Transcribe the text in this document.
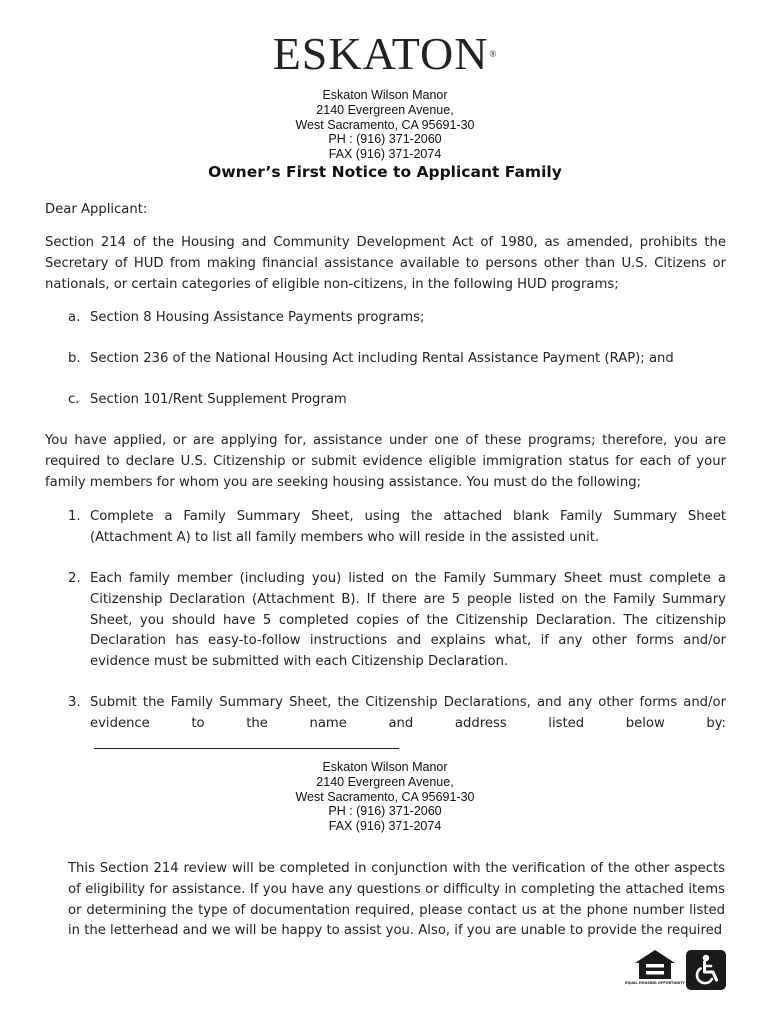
ESKATON®
Eskaton Wilson Manor
2140 Evergreen Avenue,
West Sacramento, CA 95691-30
PH : (916) 371-2060
FAX (916) 371-2074
Owner’s First Notice to Applicant Family
Dear Applicant:

Section 214 of the Housing and Community Development Act of 1980, as amended, prohibits the Secretary of HUD from making financial assistance available to persons other than U.S. Citizens or nationals, or certain categories of eligible non-citizens, in the following HUD programs;

a. Section 8 Housing Assistance Payments programs;
b. Section 236 of the National Housing Act including Rental Assistance Payment (RAP); and
c. Section 101/Rent Supplement Program

You have applied, or are applying for, assistance under one of these programs; therefore, you are required to declare U.S. Citizenship or submit evidence eligible immigration status for each of your family members for whom you are seeking housing assistance. You must do the following;

1. Complete a Family Summary Sheet, using the attached blank Family Summary Sheet (Attachment A) to list all family members who will reside in the assisted unit.
2. Each family member (including you) listed on the Family Summary Sheet must complete a Citizenship Declaration (Attachment B). If there are 5 people listed on the Family Summary Sheet, you should have 5 completed copies of the Citizenship Declaration. The citizenship Declaration has easy-to-follow instructions and explains what, if any other forms and/or evidence must be submitted with each Citizenship Declaration.
3. Submit the Family Summary Sheet, the Citizenship Declarations, and any other forms and/or evidence to the name and address listed below by:
Eskaton Wilson Manor
2140 Evergreen Avenue,
West Sacramento, CA 95691-30
PH : (916) 371-2060
FAX (916) 371-2074

This Section 214 review will be completed in conjunction with the verification of the other aspects of eligibility for assistance. If you have any questions or difficulty in completing the attached items or determining the type of documentation required, please contact us at the phone number listed in the letterhead and we will be happy to assist you. Also, if you are unable to provide the required

EQUAL HOUSING OPPORTUNITY
